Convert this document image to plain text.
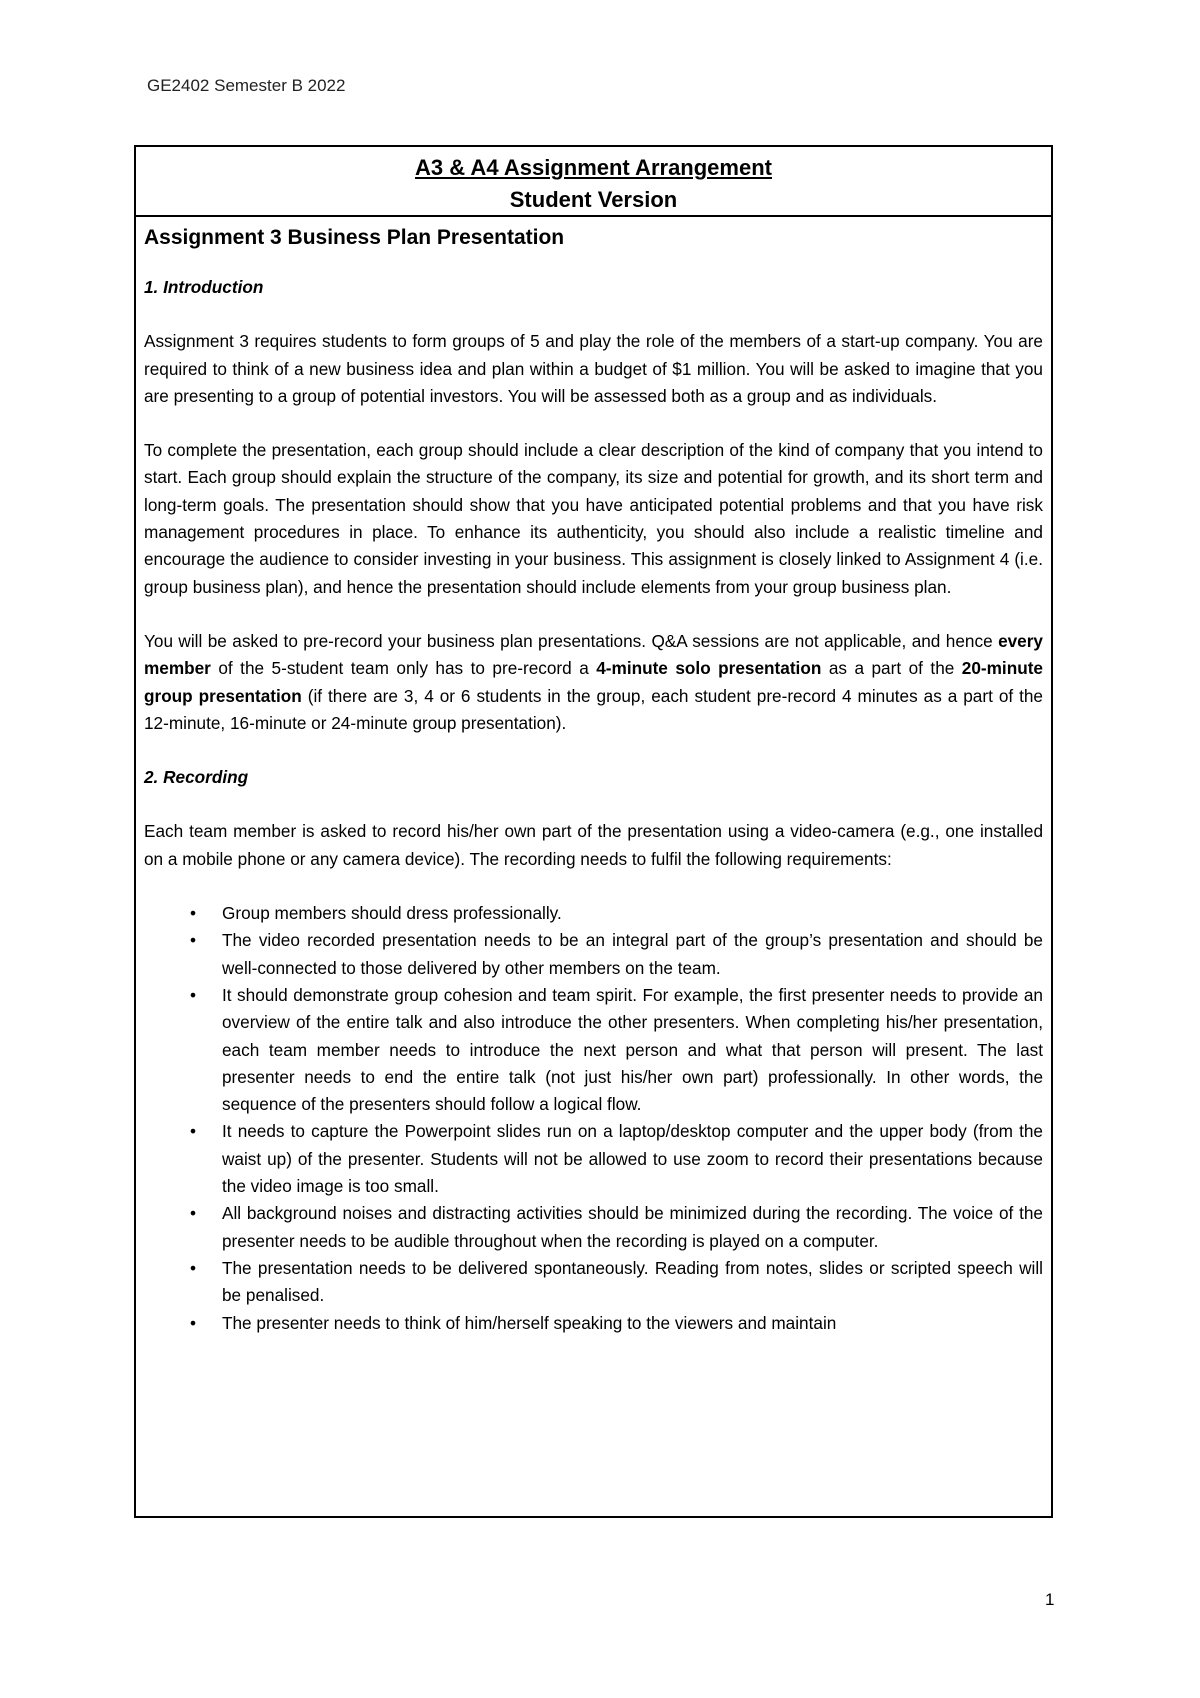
GE2402 Semester B 2022
A3 & A4 Assignment Arrangement
Student Version

Assignment 3 Business Plan Presentation

1. Introduction

Assignment 3 requires students to form groups of 5 and play the role of the members of a start-up company. You are required to think of a new business idea and plan within a budget of $1 million. You will be asked to imagine that you are presenting to a group of potential investors. You will be assessed both as a group and as individuals.

To complete the presentation, each group should include a clear description of the kind of company that you intend to start. Each group should explain the structure of the company, its size and potential for growth, and its short term and long-term goals. The presentation should show that you have anticipated potential problems and that you have risk management procedures in place. To enhance its authenticity, you should also include a realistic timeline and encourage the audience to consider investing in your business. This assignment is closely linked to Assignment 4 (i.e. group business plan), and hence the presentation should include elements from your group business plan.

You will be asked to pre-record your business plan presentations. Q&A sessions are not applicable, and hence every member of the 5-student team only has to pre-record a 4-minute solo presentation as a part of the 20-minute group presentation (if there are 3, 4 or 6 students in the group, each student pre-record 4 minutes as a part of the 12-minute, 16-minute or 24-minute group presentation).

2. Recording

Each team member is asked to record his/her own part of the presentation using a video-camera (e.g., one installed on a mobile phone or any camera device). The recording needs to fulfil the following requirements:

• Group members should dress professionally.
• The video recorded presentation needs to be an integral part of the group’s presentation and should be well-connected to those delivered by other members on the team.
• It should demonstrate group cohesion and team spirit. For example, the first presenter needs to provide an overview of the entire talk and also introduce the other presenters. When completing his/her presentation, each team member needs to introduce the next person and what that person will present. The last presenter needs to end the entire talk (not just his/her own part) professionally. In other words, the sequence of the presenters should follow a logical flow.
• It needs to capture the Powerpoint slides run on a laptop/desktop computer and the upper body (from the waist up) of the presenter. Students will not be allowed to use zoom to record their presentations because the video image is too small.
• All background noises and distracting activities should be minimized during the recording. The voice of the presenter needs to be audible throughout when the recording is played on a computer.
• The presentation needs to be delivered spontaneously. Reading from notes, slides or scripted speech will be penalised.
• The presenter needs to think of him/herself speaking to the viewers and maintain
1
